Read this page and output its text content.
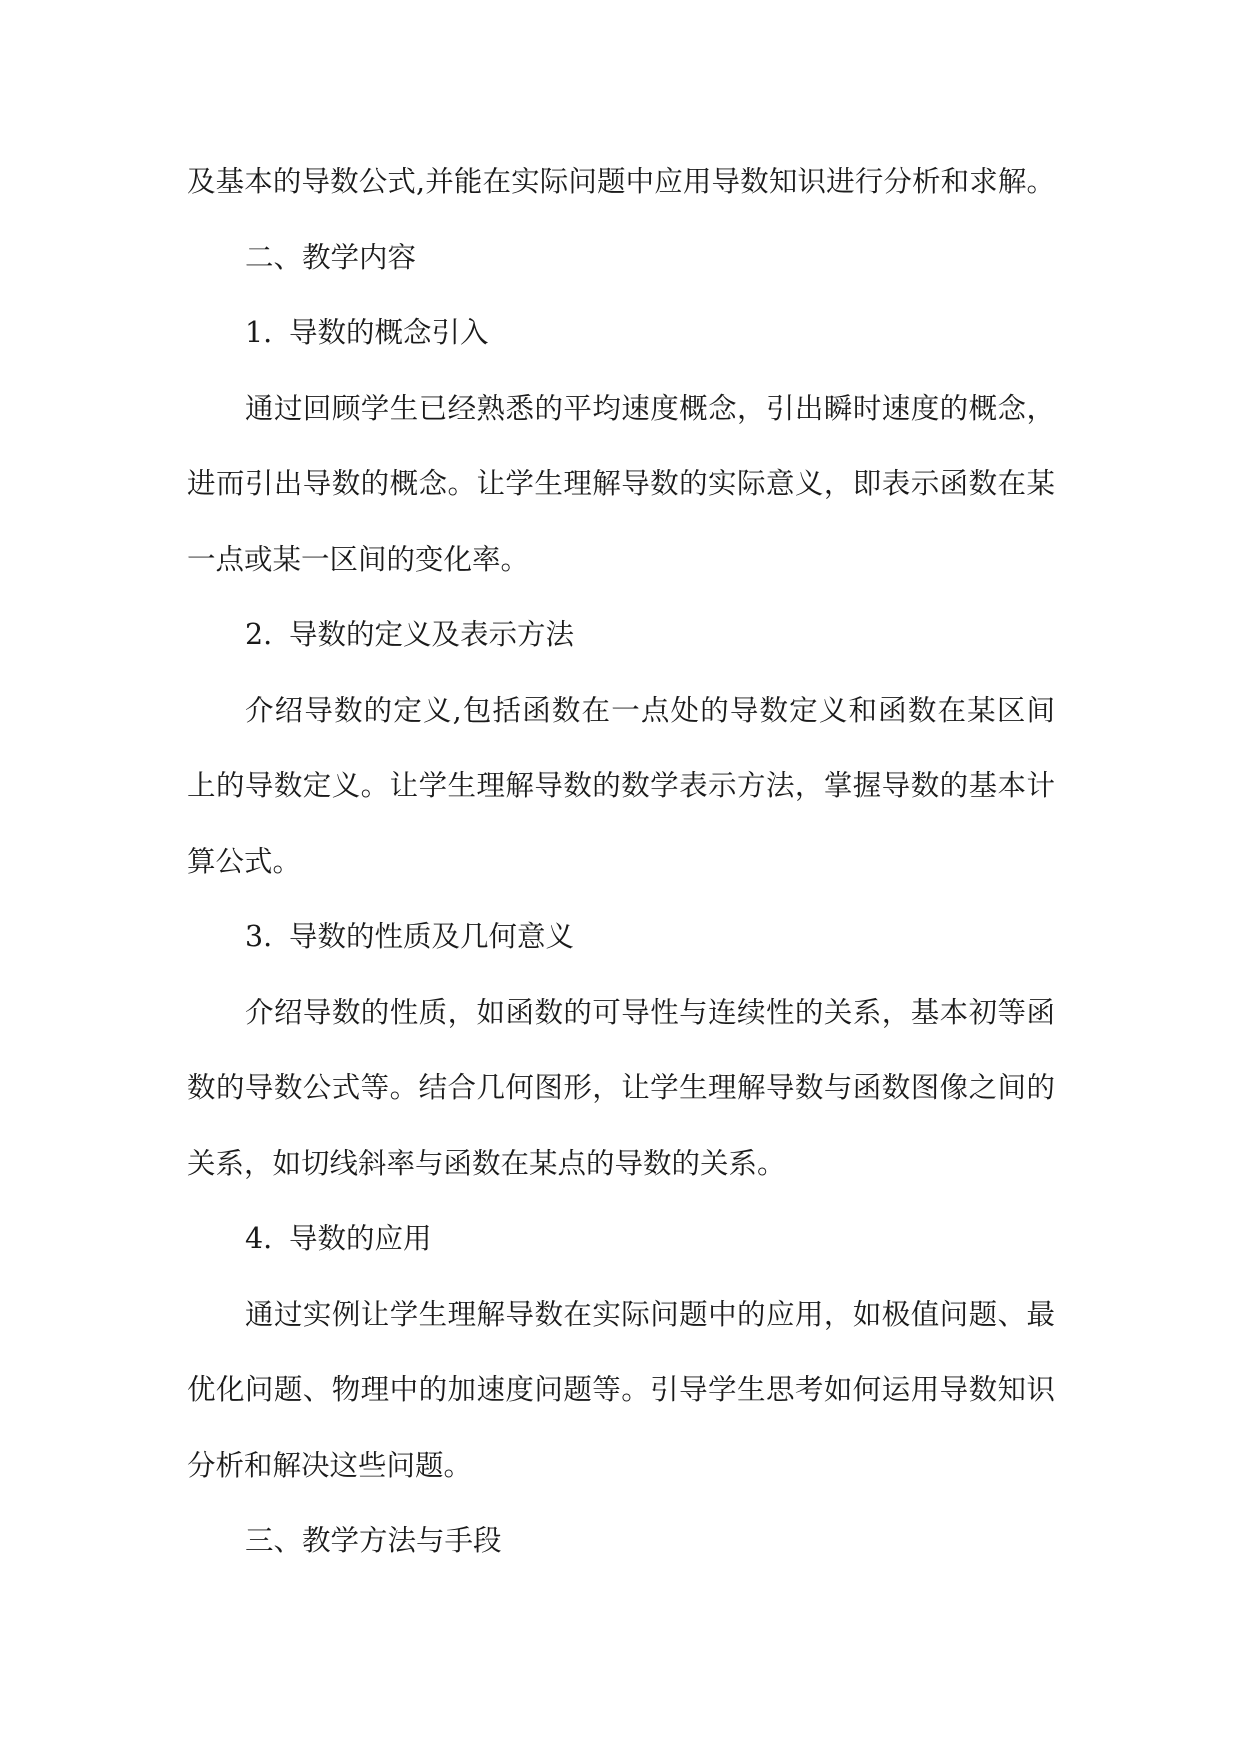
及基本的导数公式,并能在实际问题中应用导数知识进行分析和求解。
二、教学内容
1. 导数的概念引入
通过回顾学生已经熟悉的平均速度概念，引出瞬时速度的概念，
进而引出导数的概念。让学生理解导数的实际意义，即表示函数在某
一点或某一区间的变化率。
2. 导数的定义及表示方法
介绍导数的定义,包括函数在一点处的导数定义和函数在某区间
上的导数定义。让学生理解导数的数学表示方法，掌握导数的基本计
算公式。
3. 导数的性质及几何意义
介绍导数的性质，如函数的可导性与连续性的关系，基本初等函
数的导数公式等。结合几何图形，让学生理解导数与函数图像之间的
关系，如切线斜率与函数在某点的导数的关系。
4. 导数的应用
通过实例让学生理解导数在实际问题中的应用，如极值问题、最
优化问题、物理中的加速度问题等。引导学生思考如何运用导数知识
分析和解决这些问题。
三、教学方法与手段
